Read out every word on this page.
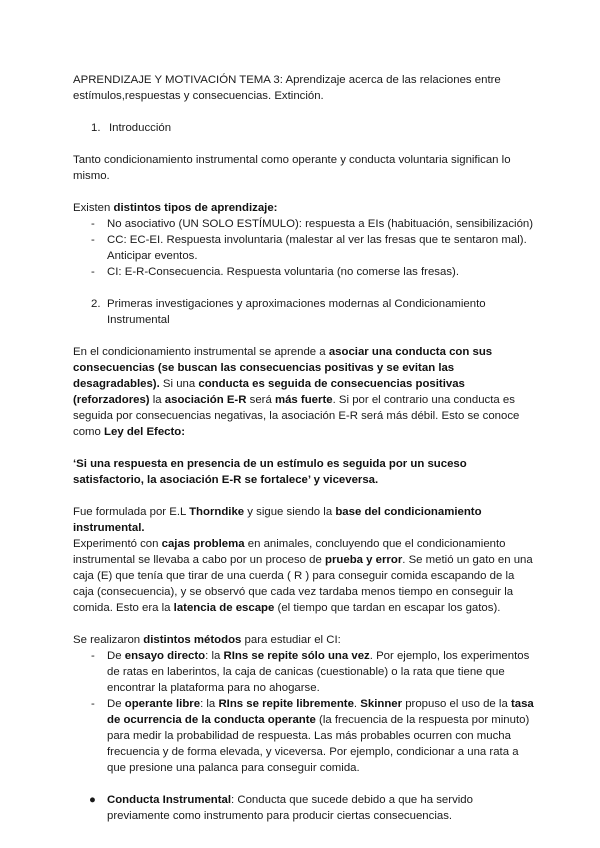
APRENDIZAJE Y MOTIVACIÓN TEMA 3: Aprendizaje acerca de las relaciones entre estímulos,respuestas y consecuencias. Extinción.

1. Introducción

Tanto condicionamiento instrumental como operante y conducta voluntaria significan lo mismo.

Existen distintos tipos de aprendizaje:

-	No asociativo (UN SOLO ESTÍMULO): respuesta a EIs (habituación, sensibilización)
-	CC: EC-EI. Respuesta involuntaria (malestar al ver las fresas que te sentaron mal). Anticipar eventos.
-	CI: E-R-Consecuencia. Respuesta voluntaria (no comerse las fresas).
2. Primeras investigaciones y aproximaciones modernas al Condicionamiento Instrumental

En el condicionamiento instrumental se aprende a asociar una conducta con sus consecuencias (se buscan las consecuencias positivas y se evitan las desagradables). Si una conducta es seguida de consecuencias positivas (reforzadores) la asociación E-R será más fuerte. Si por el contrario una conducta es seguida por consecuencias negativas, la asociación E-R será más débil. Esto se conoce como Ley del Efecto:

‘Si una respuesta en presencia de un estímulo es seguida por un suceso satisfactorio, la asociación E-R se fortalece’ y viceversa.

Fue formulada por E.L Thorndike y sigue siendo la base del condicionamiento instrumental.

Experimentó con cajas problema en animales, concluyendo que el condicionamiento instrumental se llevaba a cabo por un proceso de prueba y error. Se metió un gato en una caja (E) que tenía que tirar de una cuerda ( R ) para conseguir comida escapando de la caja (consecuencia), y se observó que cada vez tardaba menos tiempo en conseguir la comida. Esto era la latencia de escape (el tiempo que tardan en escapar los gatos).

Se realizaron distintos métodos para estudiar el CI:

-	De ensayo directo: la RIns se repite sólo una vez. Por ejemplo, los experimentos de ratas en laberintos, la caja de canicas (cuestionable) o la rata que tiene que encontrar la plataforma para no ahogarse.
-	De operante libre: la RIns se repite libremente. Skinner propuso el uso de la tasa de ocurrencia de la conducta operante (la frecuencia de la respuesta por minuto) para medir la probabilidad de respuesta. Las más probables ocurren con mucha frecuencia y de forma elevada, y viceversa. Por ejemplo, condicionar a una rata a que presione una palanca para conseguir comida.
● Conducta Instrumental: Conducta que sucede debido a que ha servido previamente como instrumento para producir ciertas consecuencias.
